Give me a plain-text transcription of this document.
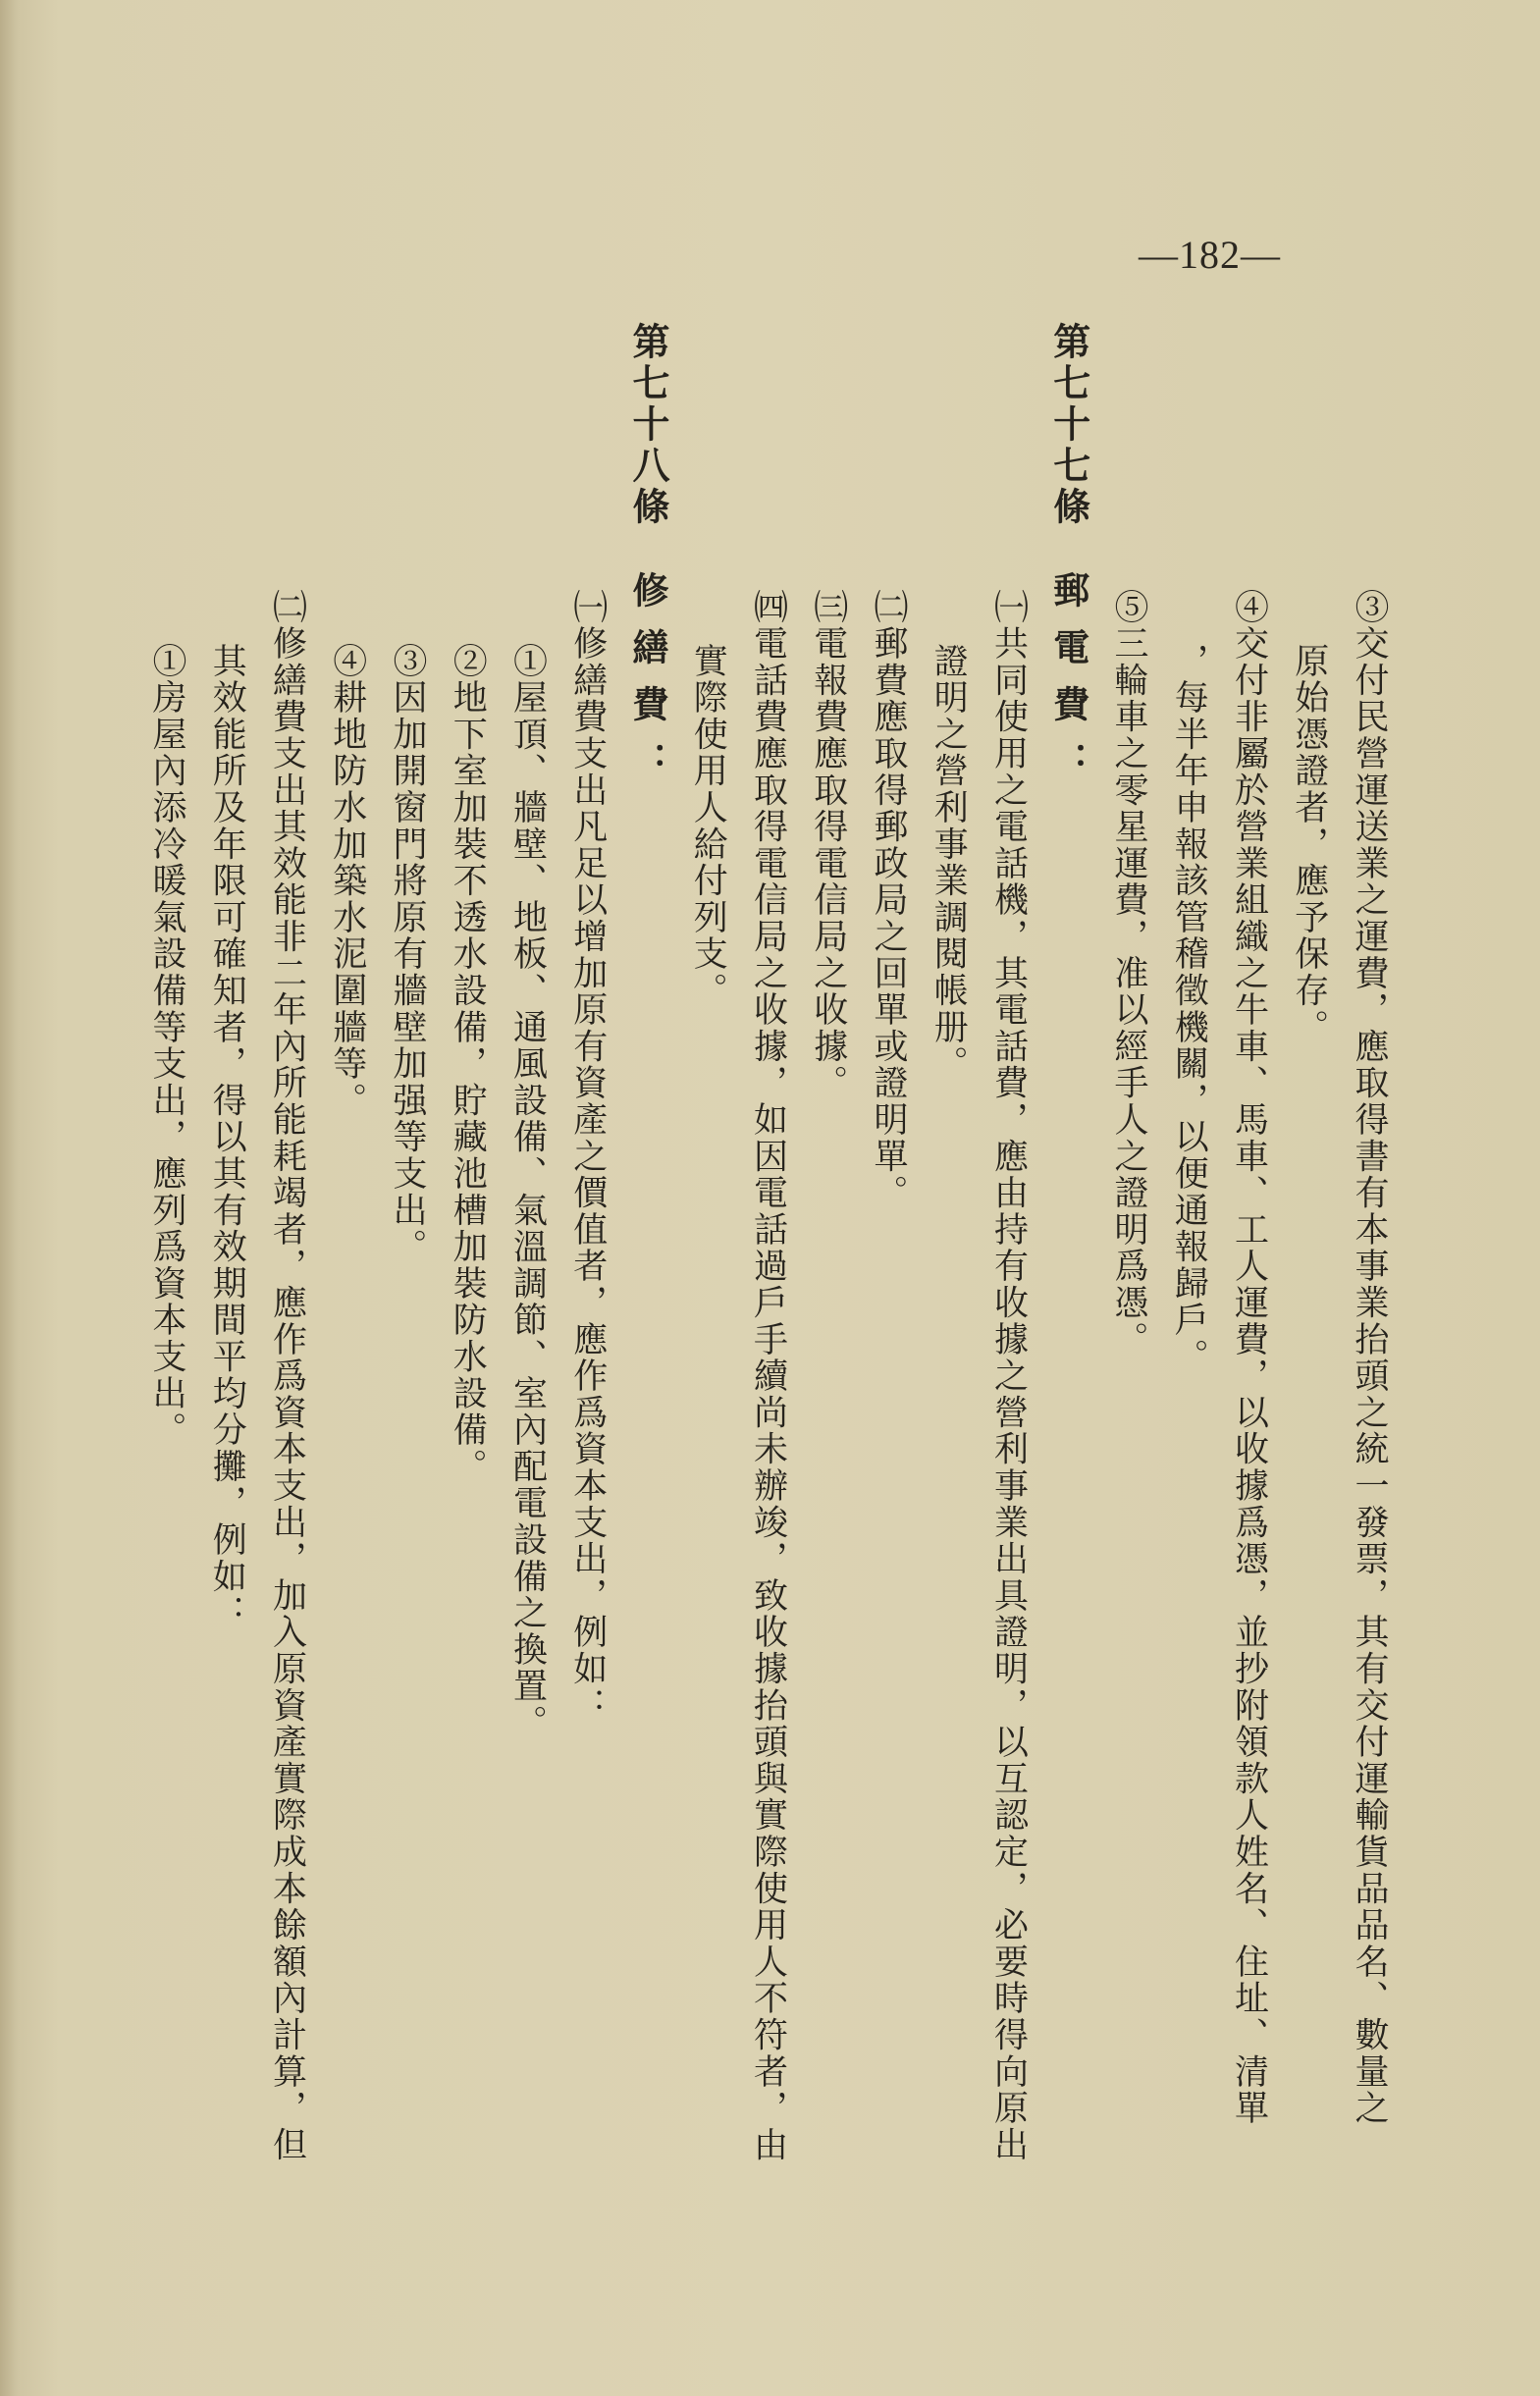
—182—
③交付民營運送業之運費，應取得書有本事業抬頭之統一發票，其有交付運輸貨品品名、數量之
原始憑證者，應予保存。
④交付非屬於營業組織之牛車、馬車、工人運費，以收據爲憑，並抄附領款人姓名、住址、清單
，每半年申報該管稽徵機關，以便通報歸戶。
⑤三輪車之零星運費，准以經手人之證明爲憑。
第七十七條
郵電費：
㈠共同使用之電話機，其電話費，應由持有收據之營利事業出具證明，以互認定，必要時得向原出
證明之營利事業調閱帳册。
㈡郵費應取得郵政局之回單或證明單。
㈢電報費應取得電信局之收據。
㈣電話費應取得電信局之收據，如因電話過戶手續尚未辦竣，致收據抬頭與實際使用人不符者，由
實際使用人給付列支。
第七十八條
修繕費：
㈠修繕費支出凡足以增加原有資產之價值者，應作爲資本支出，例如：
①屋頂、牆壁、地板、通風設備、氣溫調節、室內配電設備之換置。
②地下室加裝不透水設備，貯藏池槽加裝防水設備。
③因加開窗門將原有牆壁加强等支出。
④耕地防水加築水泥圍牆等。
㈡修繕費支出其效能非二年內所能耗竭者，應作爲資本支出，加入原資產實際成本餘額內計算，但
其效能所及年限可確知者，得以其有效期間平均分攤，例如：
①房屋內添冷暖氣設備等支出，應列爲資本支出。
